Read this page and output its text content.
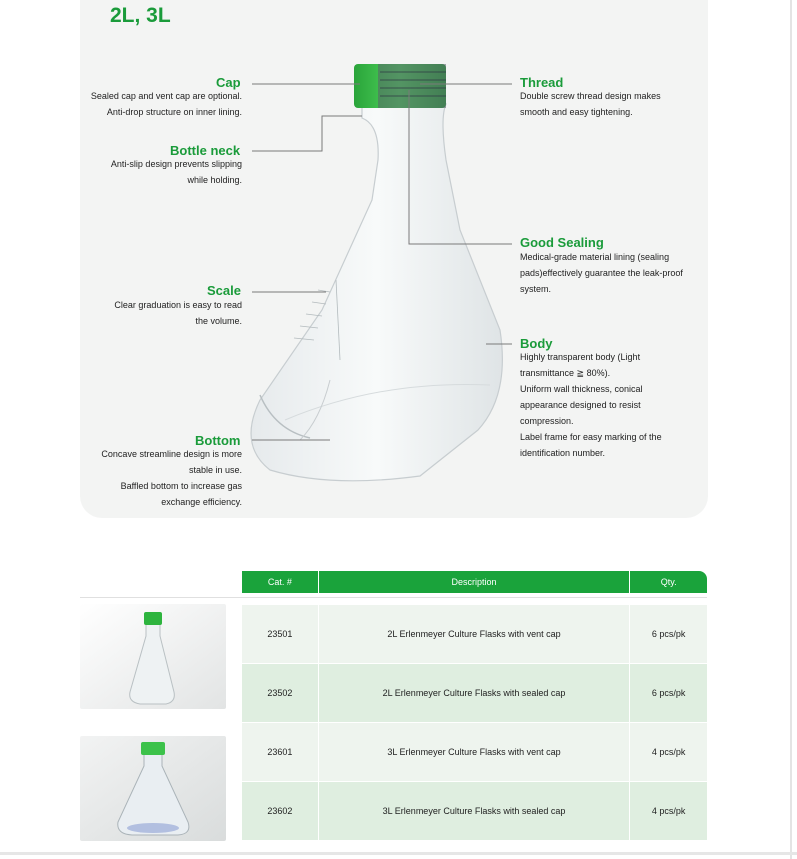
2L, 3L
Cap
Sealed cap and vent cap are optional.
Anti-drop structure on inner lining.
Bottle neck
Anti-slip design prevents slipping
while holding.
Scale
Clear graduation is easy to read
the volume.
Bottom
Concave streamline design is more
stable in use.
Baffled bottom to increase gas
exchange efficiency.
Thread
Double screw thread design makes
smooth and easy tightening.
Good Sealing
Medical-grade material lining (sealing
pads)effectively guarantee the leak-proof
system.
Body
Highly transparent body (Light
transmittance ≧ 80%).
Uniform wall thickness, conical
appearance designed to resist
compression.
Label frame for easy marking of the
identification number.
Cat. #	Description	Qty.
23501	2L Erlenmeyer Culture Flasks with vent cap	6 pcs/pk
23502	2L Erlenmeyer Culture Flasks with sealed cap	6 pcs/pk
23601	3L Erlenmeyer Culture Flasks with vent cap	4 pcs/pk
23602	3L Erlenmeyer Culture Flasks with sealed cap	4 pcs/pk
